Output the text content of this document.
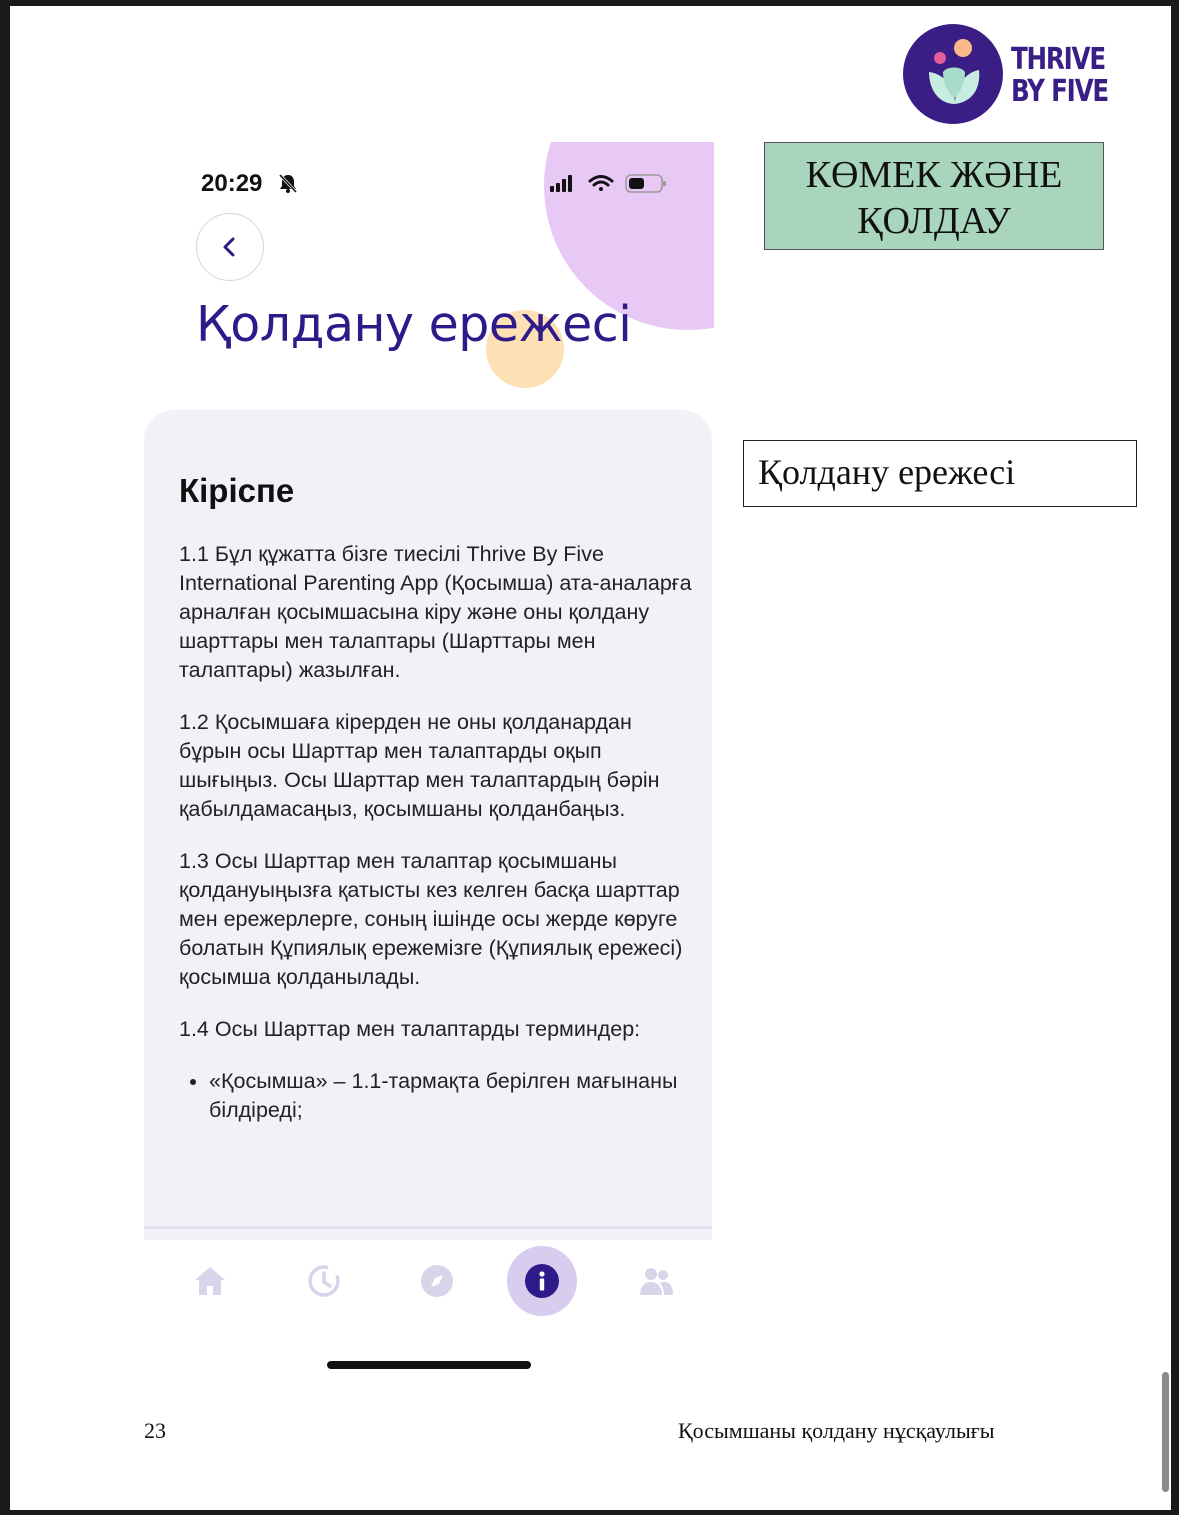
THRIVE
BY FIVE
20:29
Қолдану ережесі
Кіріспе

1.1 Бұл құжатта бізге тиесілі Thrive By Five International Parenting App (Қосымша) ата-аналарға арналған қосымшасына кіру және оны қолдану шарттары мен талаптары (Шарттары мен талаптары) жазылған.

1.2 Қосымшаға кірерден не оны қолданардан бұрын осы Шарттар мен талаптарды оқып шығыңыз. Осы Шарттар мен талаптардың бәрін қабылдамасаңыз, қосымшаны қолданбаңыз.

1.3 Осы Шарттар мен талаптар қосымшаны қолдануыңызға қатысты кез келген басқа шарттар мен ережерлерге, соның ішінде осы жерде көруге болатын Құпиялық ережемізге (Құпиялық ережесі) қосымша қолданылады.

1.4 Осы Шарттар мен талаптарды терминдер:

• «Қосымша» – 1.1-тармақта берілген мағынаны білдіреді;
КӨМЕК ЖӘНЕ
ҚОЛДАУ
Қолдану ережесі
23	Қосымшаны қолдану нұсқаулығы
